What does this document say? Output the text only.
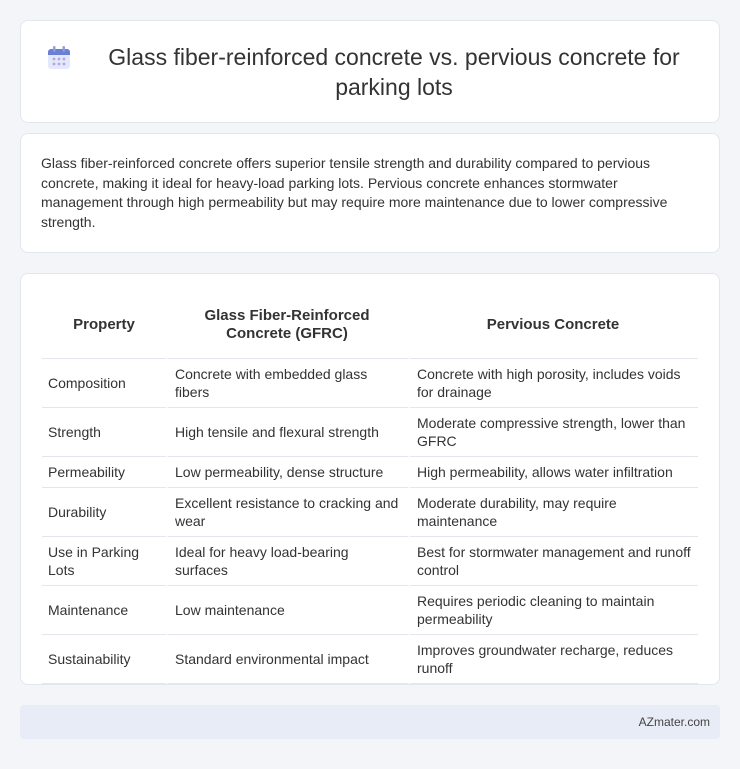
Glass fiber-reinforced concrete vs. pervious concrete for parking lots

Glass fiber-reinforced concrete offers superior tensile strength and durability compared to pervious concrete, making it ideal for heavy-load parking lots. Pervious concrete enhances stormwater management through high permeability but may require more maintenance due to lower compressive strength.

Property	Glass Fiber-Reinforced Concrete (GFRC)	Pervious Concrete
Composition	Concrete with embedded glass fibers	Concrete with high porosity, includes voids for drainage
Strength	High tensile and flexural strength	Moderate compressive strength, lower than GFRC
Permeability	Low permeability, dense structure	High permeability, allows water infiltration
Durability	Excellent resistance to cracking and wear	Moderate durability, may require maintenance
Use in Parking Lots	Ideal for heavy load-bearing surfaces	Best for stormwater management and runoff control
Maintenance	Low maintenance	Requires periodic cleaning to maintain permeability
Sustainability	Standard environmental impact	Improves groundwater recharge, reduces runoff
AZmater.com
